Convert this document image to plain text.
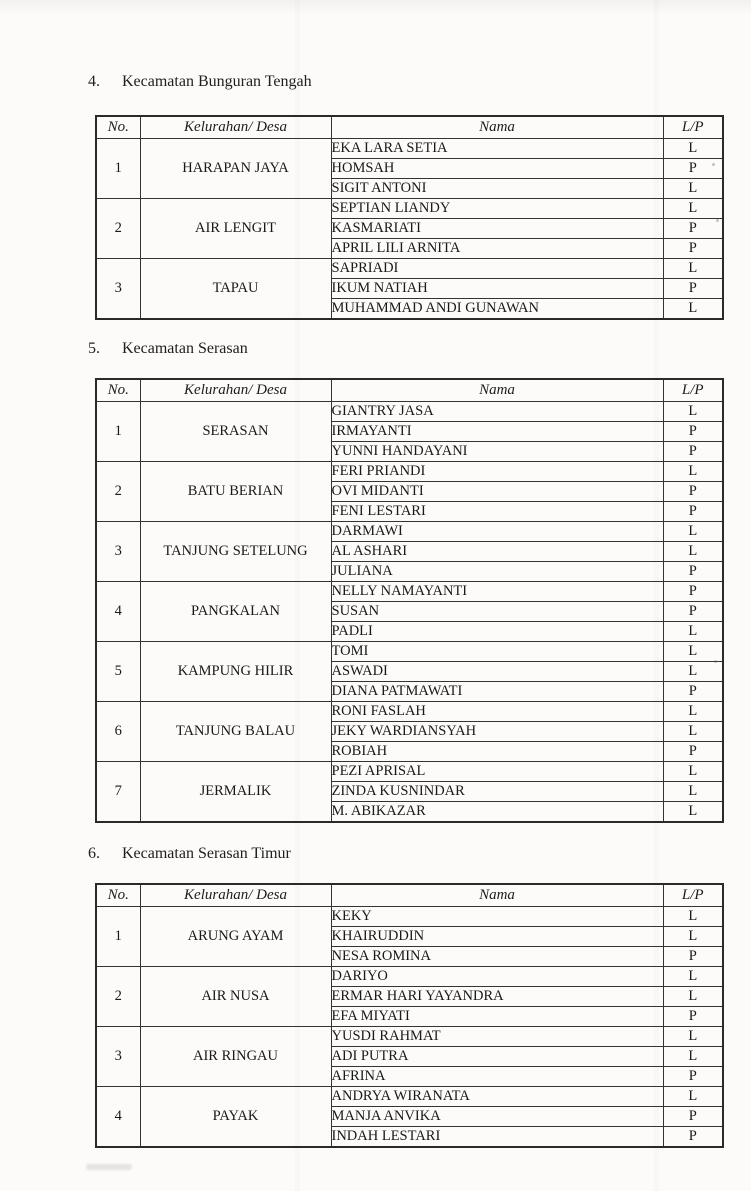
4. Kecamatan Bunguran Tengah
No.	Kelurahan/ Desa	Nama	L/P
1	HARAPAN JAYA	EKA LARA SETIA	L
		HOMSAH	P
		SIGIT ANTONI	L
2	AIR LENGIT	SEPTIAN LIANDY	L
		KASMARIATI	P
		APRIL LILI ARNITA	P
3	TAPAU	SAPRIADI	L
		IKUM NATIAH	P
		MUHAMMAD ANDI GUNAWAN	L
5. Kecamatan Serasan
No.	Kelurahan/ Desa	Nama	L/P
1	SERASAN	GIANTRY JASA	L
		IRMAYANTI	P
		YUNNI HANDAYANI	P
2	BATU BERIAN	FERI PRIANDI	L
		OVI MIDANTI	P
		FENI LESTARI	P
3	TANJUNG SETELUNG	DARMAWI	L
		AL ASHARI	L
		JULIANA	P
4	PANGKALAN	NELLY NAMAYANTI	P
		SUSAN	P
		PADLI	L
5	KAMPUNG HILIR	TOMI	L
		ASWADI	L
		DIANA PATMAWATI	P
6	TANJUNG BALAU	RONI FASLAH	L
		JEKY WARDIANSYAH	L
		ROBIAH	P
7	JERMALIK	PEZI APRISAL	L
		ZINDA KUSNINDAR	L
		M. ABIKAZAR	L
6. Kecamatan Serasan Timur
No.	Kelurahan/ Desa	Nama	L/P
1	ARUNG AYAM	KEKY	L
		KHAIRUDDIN	L
		NESA ROMINA	P
2	AIR NUSA	DARIYO	L
		ERMAR HARI YAYANDRA	L
		EFA MIYATI	P
3	AIR RINGAU	YUSDI RAHMAT	L
		ADI PUTRA	L
		AFRINA	P
4	PAYAK	ANDRYA WIRANATA	L
		MANJA ANVIKA	P
		INDAH LESTARI	P
